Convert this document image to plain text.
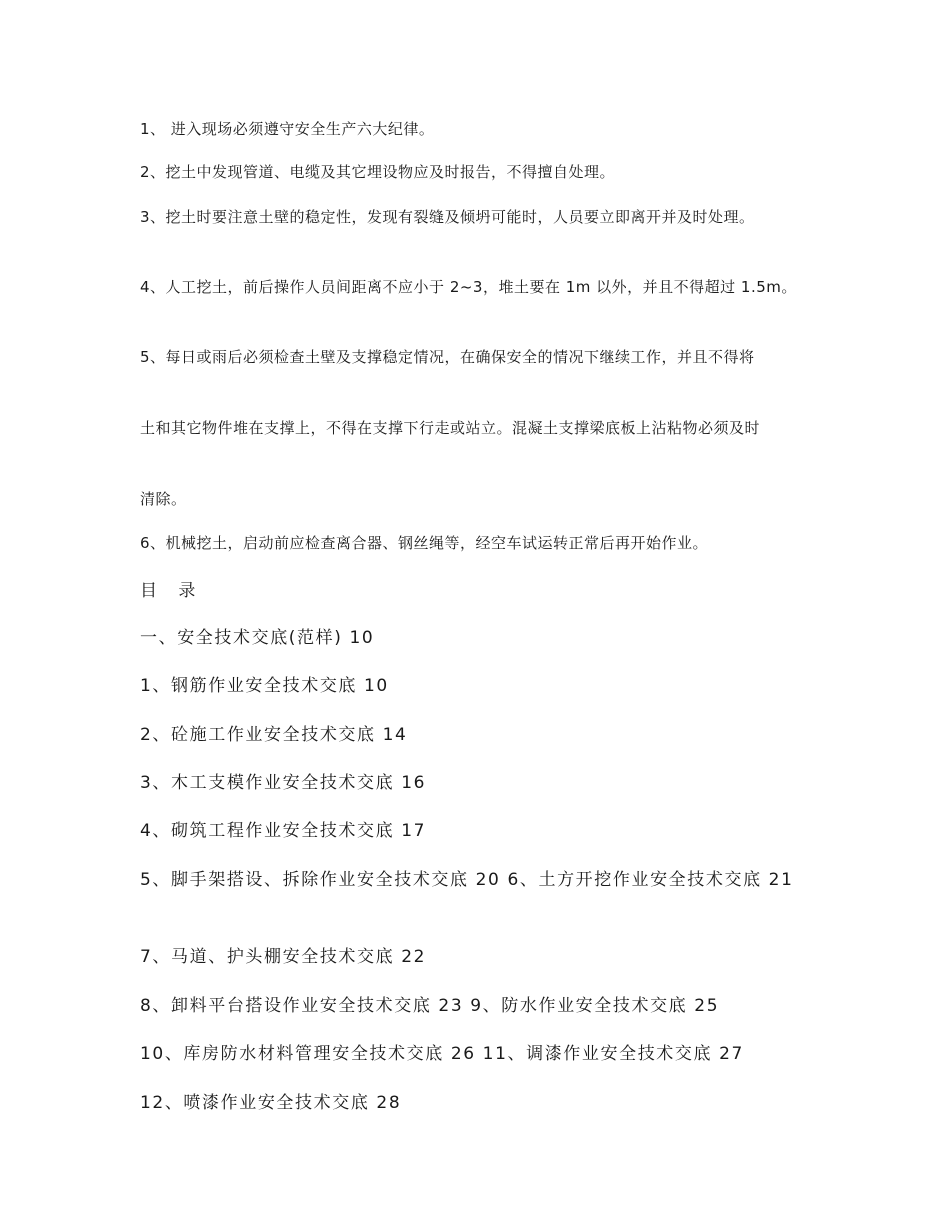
1、 进入现场必须遵守安全生产六大纪律。

2、挖土中发现管道、电缆及其它埋设物应及时报告，不得擅自处理。

3、挖土时要注意土壁的稳定性，发现有裂缝及倾坍可能时，人员要立即离开并及时处理。

4、人工挖土，前后操作人员间距离不应小于 2~3，堆土要在 1m 以外，并且不得超过 1.5m。

5、每日或雨后必须检查土壁及支撑稳定情况，在确保安全的情况下继续工作，并且不得将

土和其它物件堆在支撑上，不得在支撑下行走或站立。混凝土支撑梁底板上沾粘物必须及时

清除。

6、机械挖土，启动前应检查离合器、钢丝绳等，经空车试运转正常后再开始作业。

目 录

一、安全技术交底(范样) 10

1、钢筋作业安全技术交底 10

2、砼施工作业安全技术交底 14

3、木工支模作业安全技术交底 16

4、砌筑工程作业安全技术交底 17

5、脚手架搭设、拆除作业安全技术交底 20 6、土方开挖作业安全技术交底 21

7、马道、护头棚安全技术交底 22

8、卸料平台搭设作业安全技术交底 23 9、防水作业安全技术交底 25

10、库房防水材料管理安全技术交底 26 11、调漆作业安全技术交底 27

12、喷漆作业安全技术交底 28
